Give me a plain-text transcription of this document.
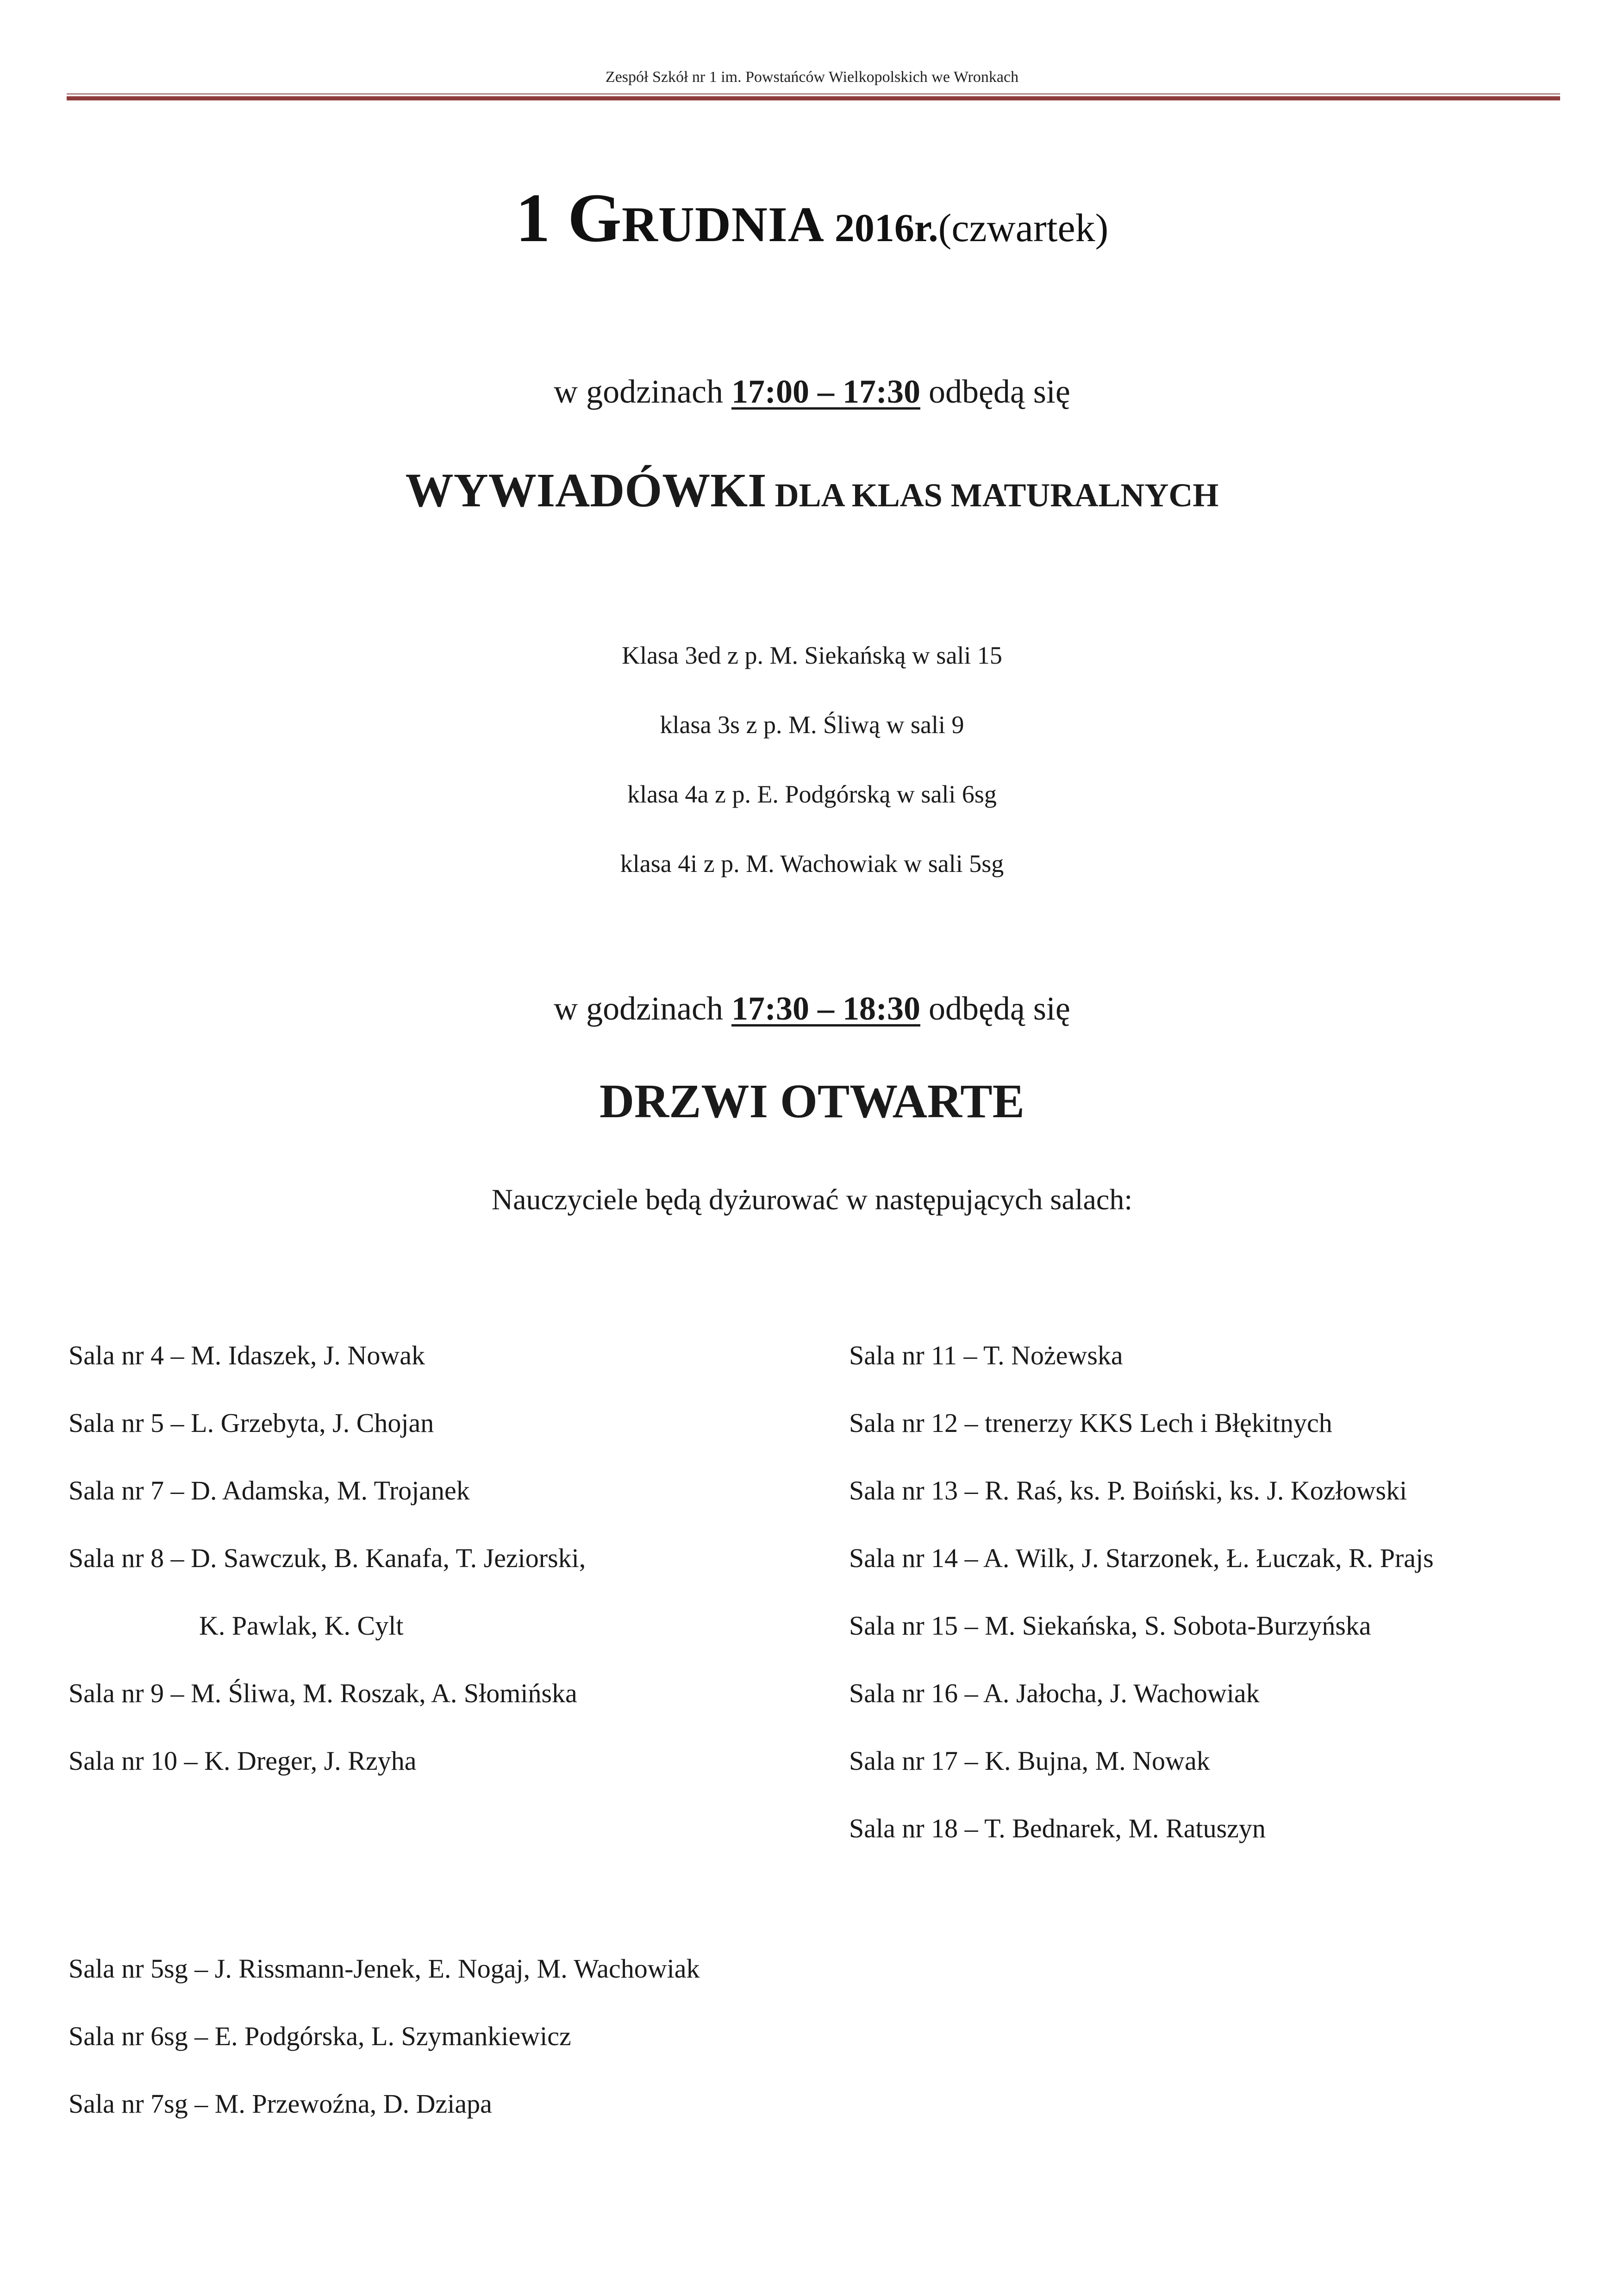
Zespół Szkół nr 1 im. Powstańców Wielkopolskich we Wronkach
1 GRUDNIA 2016r.(czwartek)
w godzinach 17:00 – 17:30 odbędą się
WYWIADÓWKI DLA KLAS MATURALNYCH
Klasa 3ed z p. M. Siekańską w sali 15
klasa 3s z p. M. Śliwą w sali 9
klasa 4a z p. E. Podgórską w sali 6sg
klasa 4i z p. M. Wachowiak w sali 5sg
w godzinach 17:30 – 18:30 odbędą się
DRZWI OTWARTE
Nauczyciele będą dyżurować w następujących salach:
Sala nr 4 – M. Idaszek, J. Nowak
Sala nr 5 – L. Grzebyta, J. Chojan
Sala nr 7 – D. Adamska, M. Trojanek
Sala nr 8 – D. Sawczuk, B. Kanafa, T. Jeziorski,
K. Pawlak, K. Cylt
Sala nr 9 – M. Śliwa, M. Roszak, A. Słomińska
Sala nr 10 – K. Dreger, J. Rzyha
Sala nr 11 – T. Nożewska
Sala nr 12 – trenerzy KKS Lech i Błękitnych
Sala nr 13 – R. Raś, ks. P. Boiński, ks. J. Kozłowski
Sala nr 14 – A. Wilk, J. Starzonek, Ł. Łuczak, R. Prajs
Sala nr 15 – M. Siekańska, S. Sobota-Burzyńska
Sala nr 16 – A. Jałocha, J. Wachowiak
Sala nr 17 – K. Bujna, M. Nowak
Sala nr 18 – T. Bednarek, M. Ratuszyn
Sala nr 5sg – J. Rissmann-Jenek, E. Nogaj, M. Wachowiak
Sala nr 6sg – E. Podgórska, L. Szymankiewicz
Sala nr 7sg – M. Przewoźna, D. Dziapa
